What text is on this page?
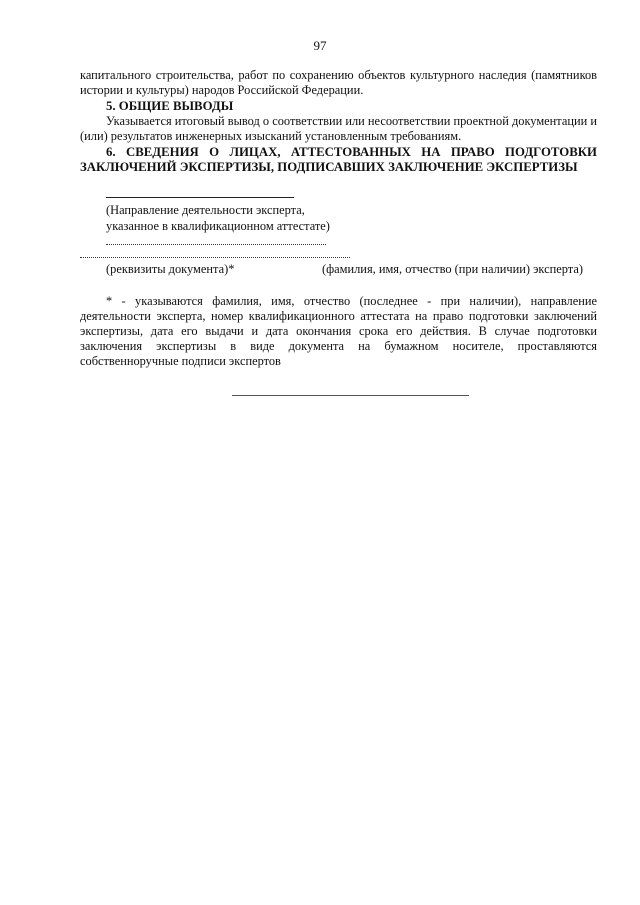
97
капитального строительства, работ по сохранению объектов культурного наследия (памятников истории и культуры) народов Российской Федерации.
5. ОБЩИЕ ВЫВОДЫ
Указывается итоговый вывод о соответствии или несоответствии проектной документации и (или) результатов инженерных изысканий установленным требованиям.
6. СВЕДЕНИЯ О ЛИЦАХ, АТТЕСТОВАННЫХ НА ПРАВО ПОДГОТОВКИ ЗАКЛЮЧЕНИЙ ЭКСПЕРТИЗЫ, ПОДПИСАВШИХ ЗАКЛЮЧЕНИЕ ЭКСПЕРТИЗЫ
(Направление деятельности эксперта,
указанное в квалификационном аттестате)
(реквизиты документа)*	(фамилия, имя, отчество (при наличии) эксперта)
* - указываются фамилия, имя, отчество (последнее - при наличии), направление деятельности эксперта, номер квалификационного аттестата на право подготовки заключений экспертизы, дата его выдачи и дата окончания срока его действия. В случае подготовки заключения экспертизы в виде документа на бумажном носителе, проставляются собственноручные подписи экспертов
